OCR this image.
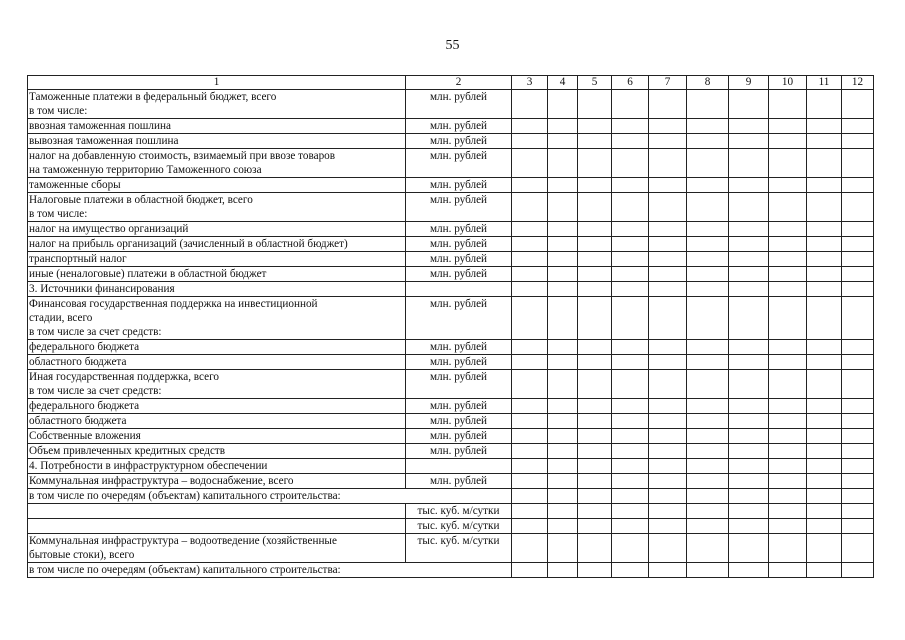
55
1	2	3	4	5	6	7	8	9	10	11	12

Таможенные платежи в федеральный бюджет, всего
в том числе:	млн. рублей										

ввозная таможенная пошлина	млн. рублей										

вывозная таможенная пошлина	млн. рублей										

налог на добавленную стоимость, взимаемый при ввозе товаров
на таможенную территорию Таможенного союза	млн. рублей										

таможенные сборы	млн. рублей										

Налоговые платежи в областной бюджет, всего
в том числе:	млн. рублей										

налог на имущество организаций	млн. рублей										

налог на прибыль организаций (зачисленный в областной бюджет)	млн. рублей										

транспортный налог	млн. рублей										

иные (неналоговые) платежи в областной бюджет	млн. рублей										

3. Источники финансирования											

Финансовая государственная поддержка на инвестиционной
стадии, всего
в том числе за счет средств:	млн. рублей										

федерального бюджета	млн. рублей										

областного бюджета	млн. рублей										

Иная государственная поддержка, всего
в том числе за счет средств:	млн. рублей										

федерального бюджета	млн. рублей										

областного бюджета	млн. рублей										

Собственные вложения	млн. рублей										

Объем привлеченных кредитных средств	млн. рублей										

4. Потребности в инфраструктурном обеспечении											

Коммунальная инфраструктура – водоснабжение, всего	млн. рублей										

в том числе по очередям (объектам) капитального строительства:											

	тыс. куб. м/сутки										

	тыс. куб. м/сутки										

Коммунальная инфраструктура – водоотведение (хозяйственные
бытовые стоки), всего	тыс. куб. м/сутки										

в том числе по очередям (объектам) капитального строительства:											
